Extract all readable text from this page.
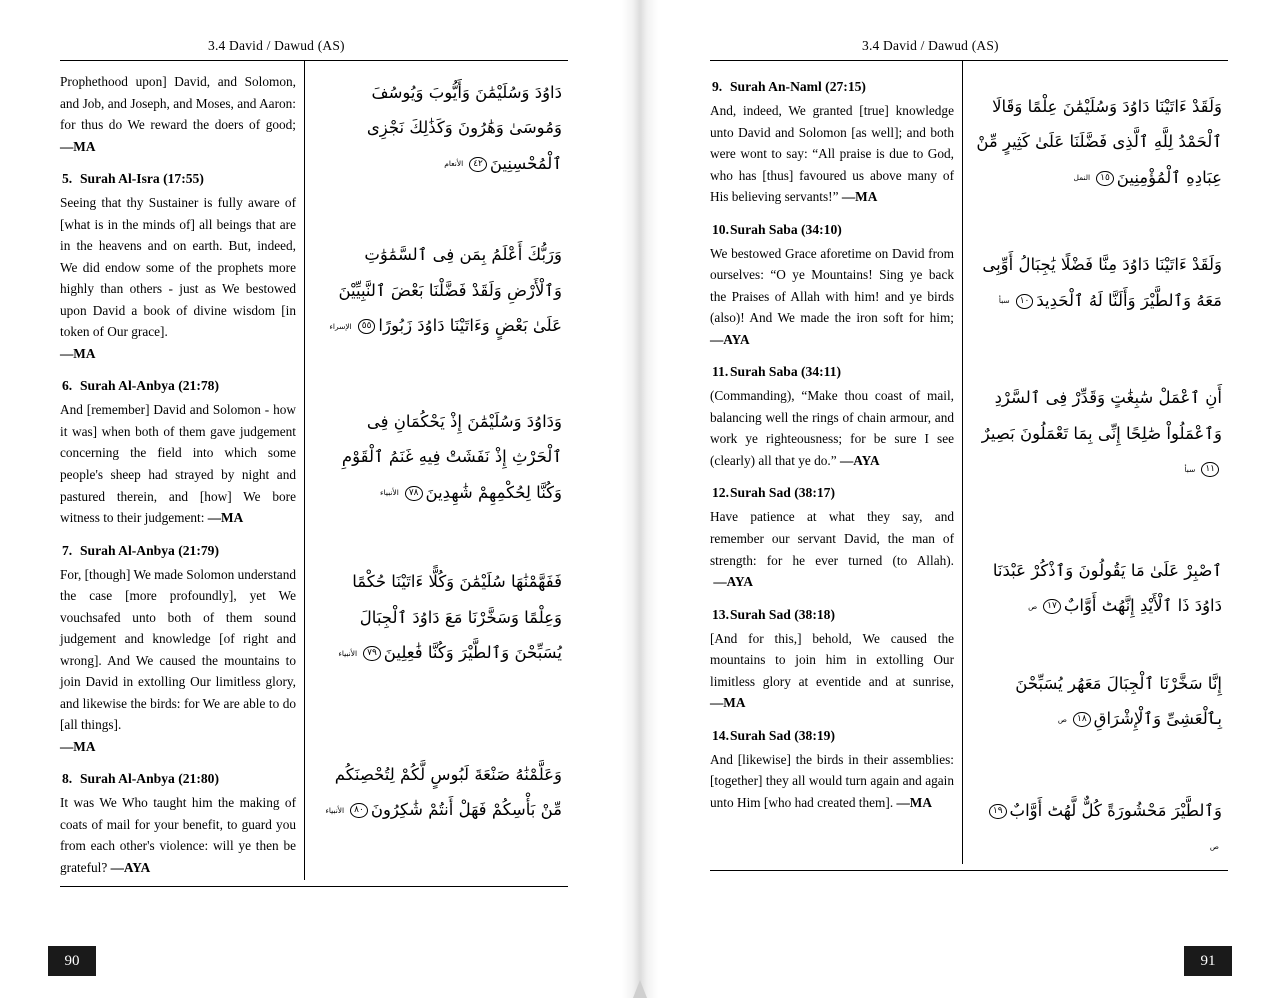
3.4 David / Dawud (AS)
Prophethood upon] David, and Solomon, and Job, and Joseph, and Moses, and Aaron: for thus do We reward the doers of good; —MA
5. Surah Al-Isra (17:55)
Seeing that thy Sustainer is fully aware of [what is in the minds of] all beings that are in the heavens and on earth. But, indeed, We did endow some of the prophets more highly than others - just as We bestowed upon David a book of divine wisdom [in token of Our grace].
—MA
6. Surah Al-Anbya (21:78)
And [remember] David and Solomon - how it was] when both of them gave judgement concerning the field into which some people's sheep had strayed by night and pastured therein, and [how] We bore witness to their judgement: —MA
7. Surah Al-Anbya (21:79)
For, [though] We made Solomon understand the case [more profoundly], yet We vouchsafed unto both of them sound judgement and knowledge [of right and wrong]. And We caused the mountains to join David in extolling Our limitless glory, and likewise the birds: for We are able to do [all things].
—MA
8. Surah Al-Anbya (21:80)
It was We Who taught him the making of coats of mail for your benefit, to guard you from each other's violence: will ye then be grateful? —AYA
دَاوُدَ وَسُلَيْمَٰنَ وَأَيُّوبَ وَيُوسُفَ وَمُوسَىٰ وَهَٰرُونَ وَكَذَٰلِكَ نَجْزِى ٱلْمُحْسِنِينَ٤٢الأنعام
وَرَبُّكَ أَعْلَمُ بِمَن فِى ٱلسَّمَٰوَٰتِ وَٱلْأَرْضِ وَلَقَدْ فَضَّلْنَا بَعْضَ ٱلنَّبِيِّيْنَ عَلَىٰ بَعْضٍ وَءَاتَيْنَا دَاوُدَ زَبُورًا٥٥الإسراء
وَدَاوُدَ وَسُلَيْمَٰنَ إِذْ يَحْكُمَانِ فِى ٱلْحَرْثِ إِذْ نَفَشَتْ فِيهِ غَنَمُ ٱلْقَوْمِ وَكُنَّا لِحُكْمِهِمْ شَٰهِدِينَ٧٨الأنبياء
فَفَهَّمْنَٰهَا سُلَيْمَٰنَ وَكُلًّا ءَاتَيْنَا حُكْمًا وَعِلْمًا وَسَخَّرْنَا مَعَ دَاوُدَ ٱلْجِبَالَ يُسَبِّحْنَ وَٱلطَّيْرَ وَكُنَّا فَٰعِلِينَ٧٩الأنبياء
وَعَلَّمْنَٰهُ صَنْعَةَ لَبُوسٍ لَّكُمْ لِتُحْصِنَكُم مِّنْ بَأْسِكُمْ فَهَلْ أَنتُمْ شَٰكِرُونَ٨٠الأنبياء
90
3.4 David / Dawud (AS)
9. Surah An-Naml (27:15)
And, indeed, We granted [true] knowledge unto David and Solomon [as well]; and both were wont to say: “All praise is due to God, who has [thus] favoured us above many of His believing servants!” —MA
10.Surah Saba (34:10)
We bestowed Grace aforetime on David from ourselves: “O ye Mountains! Sing ye back the Praises of Allah with him! and ye birds (also)! And We made the iron soft for him; —AYA
11. Surah Saba (34:11)
(Commanding), “Make thou coast of mail, balancing well the rings of chain armour, and work ye righteousness; for be sure I see (clearly) all that ye do.” —AYA
12.Surah Sad (38:17)
Have patience at what they say, and remember our servant David, the man of strength: for he ever turned (to Allah).  —AYA
13.Surah Sad (38:18)
[And for this,] behold, We caused the mountains to join him in extolling Our limitless glory at eventide and at sunrise, —MA
14.Surah Sad (38:19)
And [likewise] the birds in their assemblies: [together] they all would turn again and again unto Him [who had created them]. —MA
وَلَقَدْ ءَاتَيْنَا دَاوُدَ وَسُلَيْمَٰنَ عِلْمًا وَقَالَا ٱلْحَمْدُ لِلَّهِ ٱلَّذِى فَضَّلَنَا عَلَىٰ كَثِيرٍ مِّنْ عِبَادِهِ ٱلْمُؤْمِنِينَ١٥النمل
وَلَقَدْ ءَاتَيْنَا دَاوُدَ مِنَّا فَضْلًا يَٰجِبَالُ أَوِّبِى مَعَهُ وَٱلطَّيْرَ وَأَلَنَّا لَهُ ٱلْحَدِيدَ١٠سبأ
أَنِ ٱعْمَلْ سَٰبِغَٰتٍ وَقَدِّرْ فِى ٱلسَّرْدِ وَٱعْمَلُواْ صَٰلِحًا إِنِّى بِمَا تَعْمَلُونَ بَصِيرٌ١١سبأ
ٱصْبِرْ عَلَىٰ مَا يَقُولُونَ وَٱذْكُرْ عَبْدَنَا دَاوُدَ ذَا ٱلْأَيْدِ إِنَّهُٹ أَوَّابٌ١٧ص
إِنَّا سَخَّرْنَا ٱلْجِبَالَ مَعَهُر يُسَبِّحْنَ بِٱلْعَشِىِّ وَٱلْإِشْرَاقِ١٨ص
وَٱلطَّيْرَ مَحْشُورَةً كُلٌّ لَّهُٹ أَوَّابٌ١٩ص
91
